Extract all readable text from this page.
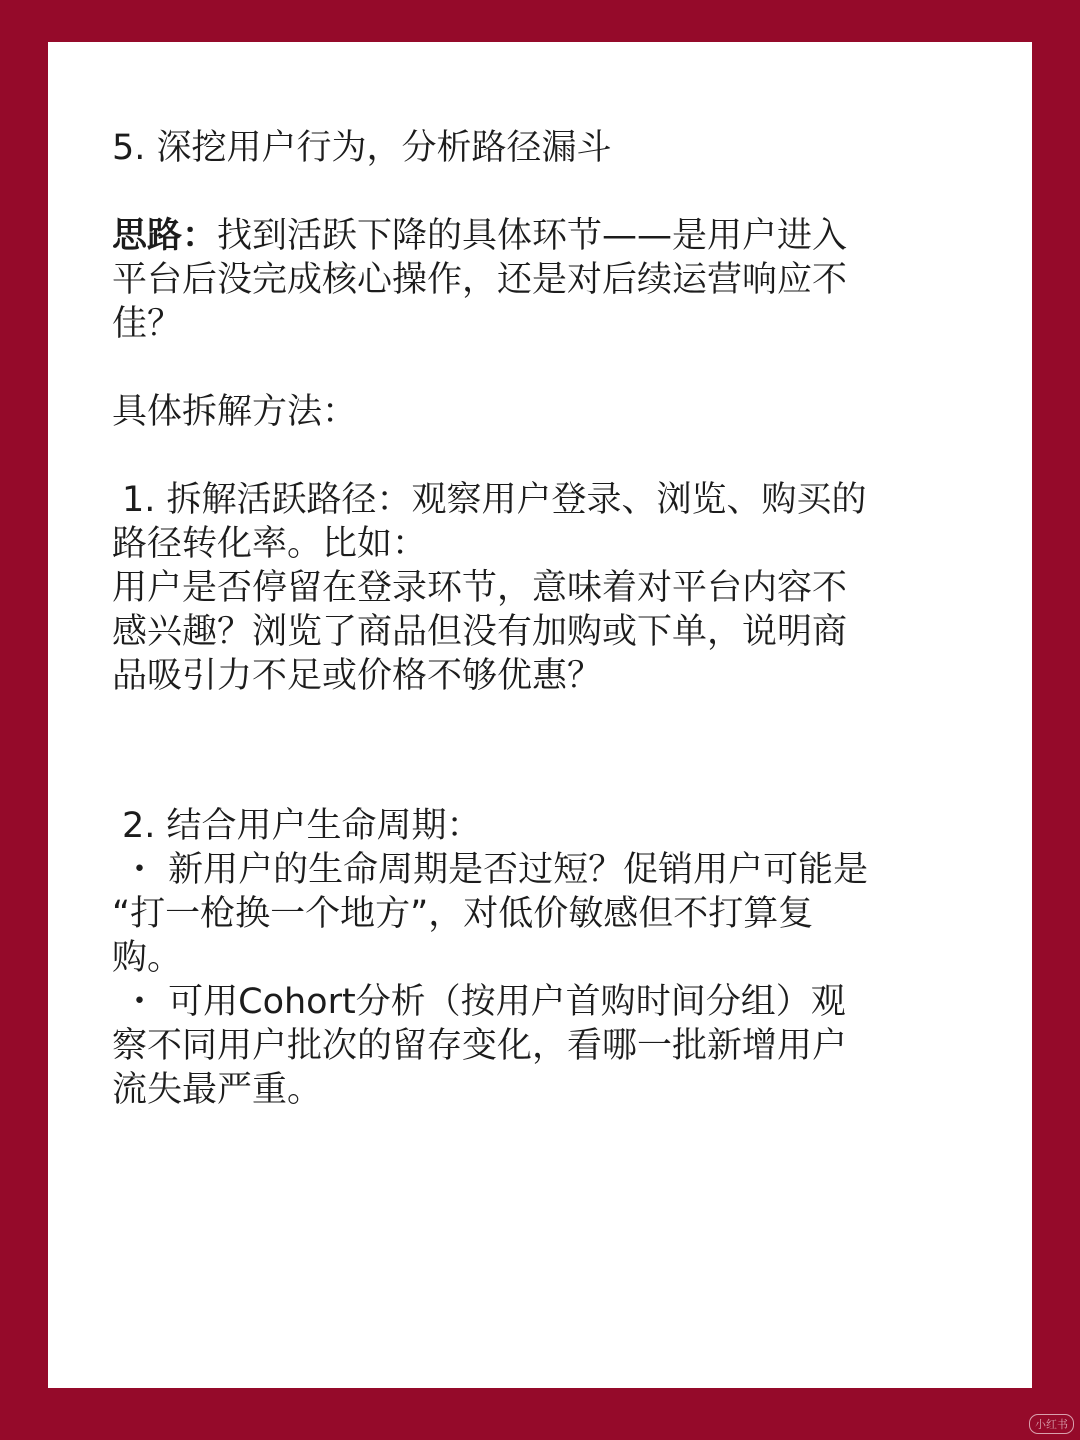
5. 深挖用户行为，分析路径漏斗
思路：找到活跃下降的具体环节——是用户进入
平台后没完成核心操作，还是对后续运营响应不
佳？
具体拆解方法：
1. 拆解活跃路径：观察用户登录、浏览、购买的
路径转化率。比如：
用户是否停留在登录环节，意味着对平台内容不
感兴趣？浏览了商品但没有加购或下单，说明商
品吸引力不足或价格不够优惠？
2. 结合用户生命周期：
・ 新用户的生命周期是否过短？促销用户可能是
“打一枪换一个地方”，对低价敏感但不打算复
购。
・ 可用Cohort分析（按用户首购时间分组）观
察不同用户批次的留存变化，看哪一批新增用户
流失最严重。
小红书
